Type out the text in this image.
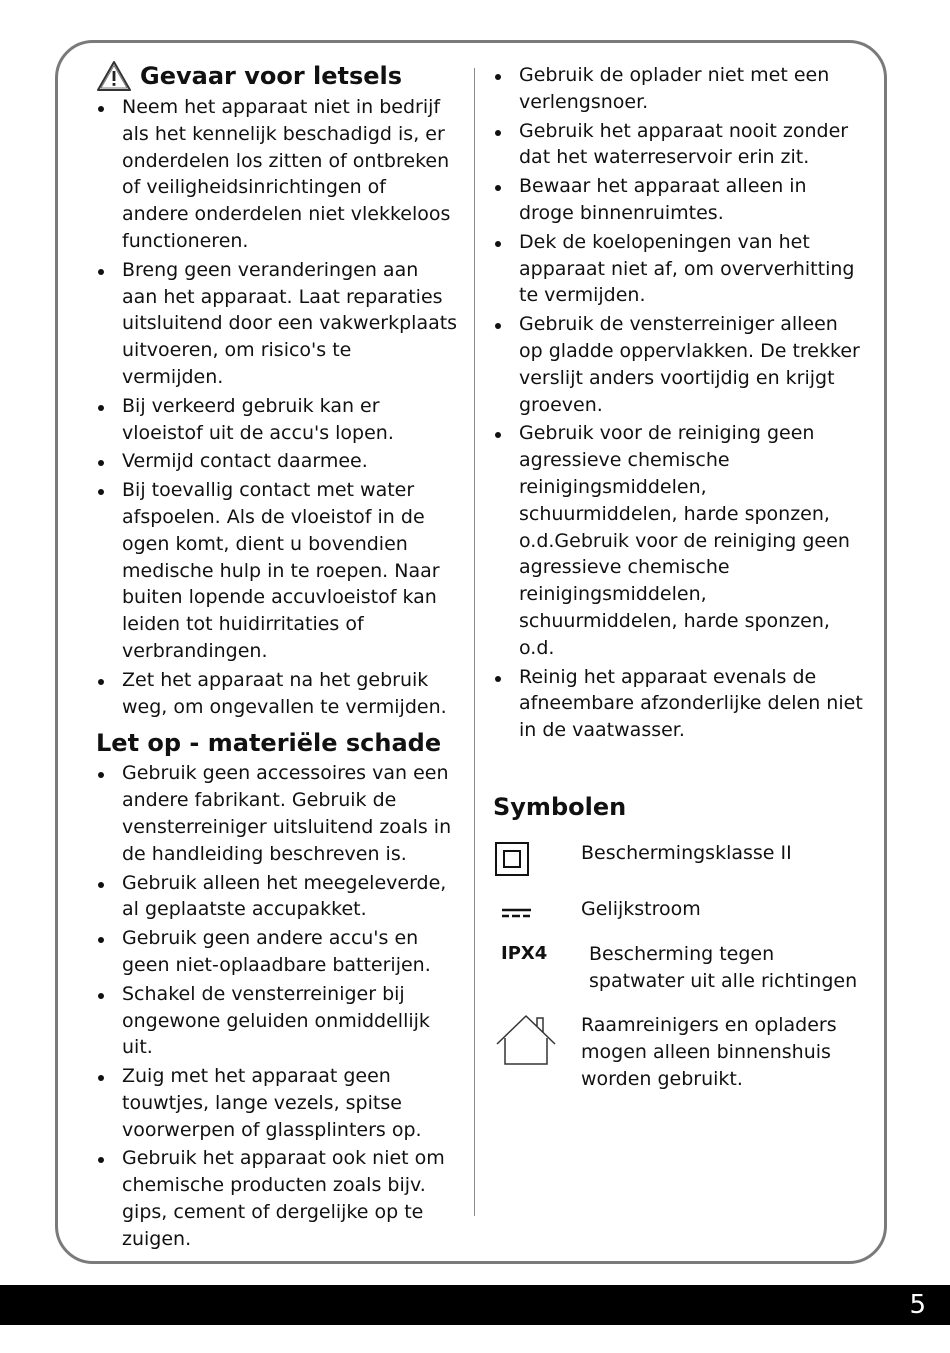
Gevaar voor letsels
Neem het apparaat niet in bedrijf als het kennelijk beschadigd is, er onderdelen los zitten of ontbreken of veiligheidsinrichtingen of andere onderdelen niet vlekkeloos functioneren.
Breng geen veranderingen aan aan het apparaat. Laat reparaties uitsluitend door een vakwerkplaats uitvoeren, om risico's te vermijden.
Bij verkeerd gebruik kan er vloeistof uit de accu's lopen.
Vermijd contact daarmee.
Bij toevallig contact met water afspoelen. Als de vloeistof in de ogen komt, dient u bovendien medische hulp in te roepen. Naar buiten lopende accuvloeistof kan leiden tot huidirritaties of verbrandingen.
Zet het apparaat na het gebruik weg, om ongevallen te vermijden.
Let op - materiële schade
Gebruik geen accessoires van een andere fabrikant. Gebruik de vensterreiniger uitsluitend zoals in de handleiding beschreven is.
Gebruik alleen het meegeleverde, al geplaatste accupakket.
Gebruik geen andere accu's en geen niet-oplaadbare batterijen.
Schakel de vensterreiniger bij ongewone geluiden onmiddellijk uit.
Zuig met het apparaat geen touwtjes, lange vezels, spitse voorwerpen of glassplinters op.
Gebruik het apparaat ook niet om chemische producten zoals bijv. gips, cement of dergelijke op te zuigen.
Gebruik de oplader niet met een verlengsnoer.
Gebruik het apparaat nooit zonder dat het waterreservoir erin zit.
Bewaar het apparaat alleen in droge binnenruimtes.
Dek de koelopeningen van het apparaat niet af, om oververhitting te vermijden.
Gebruik de vensterreiniger alleen op gladde oppervlakken. De trekker verslijt anders voortijdig en krijgt groeven.
Gebruik voor de reiniging geen agressieve chemische reinigingsmiddelen, schuurmiddelen, harde sponzen, o.d.Gebruik voor de reiniging geen agressieve chemische reinigingsmiddelen, schuurmiddelen, harde sponzen, o.d.
Reinig het apparaat evenals de afneembare afzonderlijke delen niet in de vaatwasser.
Symbolen
Beschermingsklasse II
Gelijkstroom
IPX4	Bescherming tegen spatwater uit alle richtingen
Raamreinigers en opladers mogen alleen binnenshuis worden gebruikt.
5
